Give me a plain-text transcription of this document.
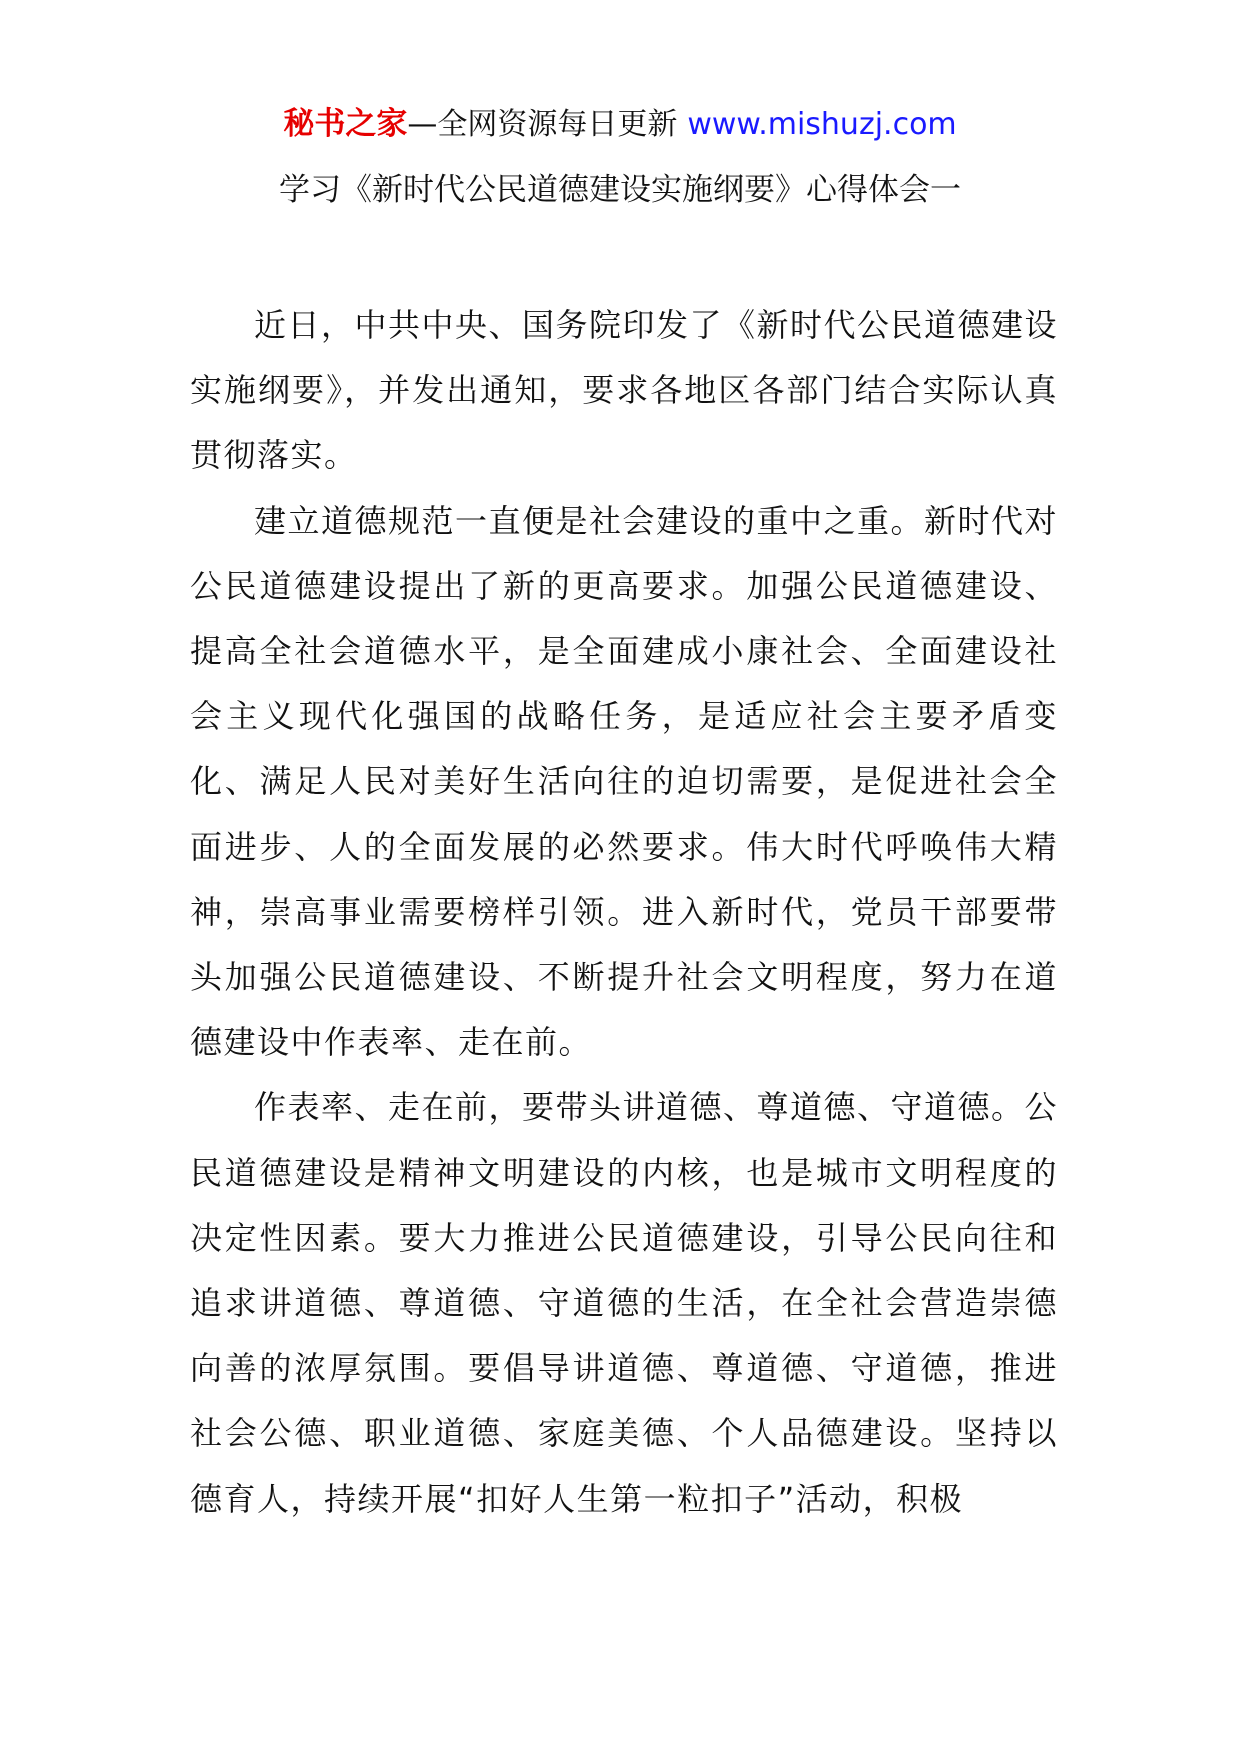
秘书之家—全网资源每日更新 www.mishuzj.com
学习《新时代公民道德建设实施纲要》心得体会一

近日，中共中央、国务院印发了《新时代公民道德建设实施纲要》，并发出通知，要求各地区各部门结合实际认真贯彻落实。

建立道德规范一直便是社会建设的重中之重。新时代对公民道德建设提出了新的更高要求。加强公民道德建设、提高全社会道德水平，是全面建成小康社会、全面建设社会主义现代化强国的战略任务，是适应社会主要矛盾变化、满足人民对美好生活向往的迫切需要，是促进社会全面进步、人的全面发展的必然要求。伟大时代呼唤伟大精神，崇高事业需要榜样引领。进入新时代，党员干部要带头加强公民道德建设、不断提升社会文明程度，努力在道德建设中作表率、走在前。

作表率、走在前，要带头讲道德、尊道德、守道德。公民道德建设是精神文明建设的内核，也是城市文明程度的决定性因素。要大力推进公民道德建设，引导公民向往和追求讲道德、尊道德、守道德的生活，在全社会营造崇德向善的浓厚氛围。要倡导讲道德、尊道德、守道德，推进社会公德、职业道德、家庭美德、个人品德建设。坚持以德育人，持续开展“扣好人生第一粒扣子”活动，积极
